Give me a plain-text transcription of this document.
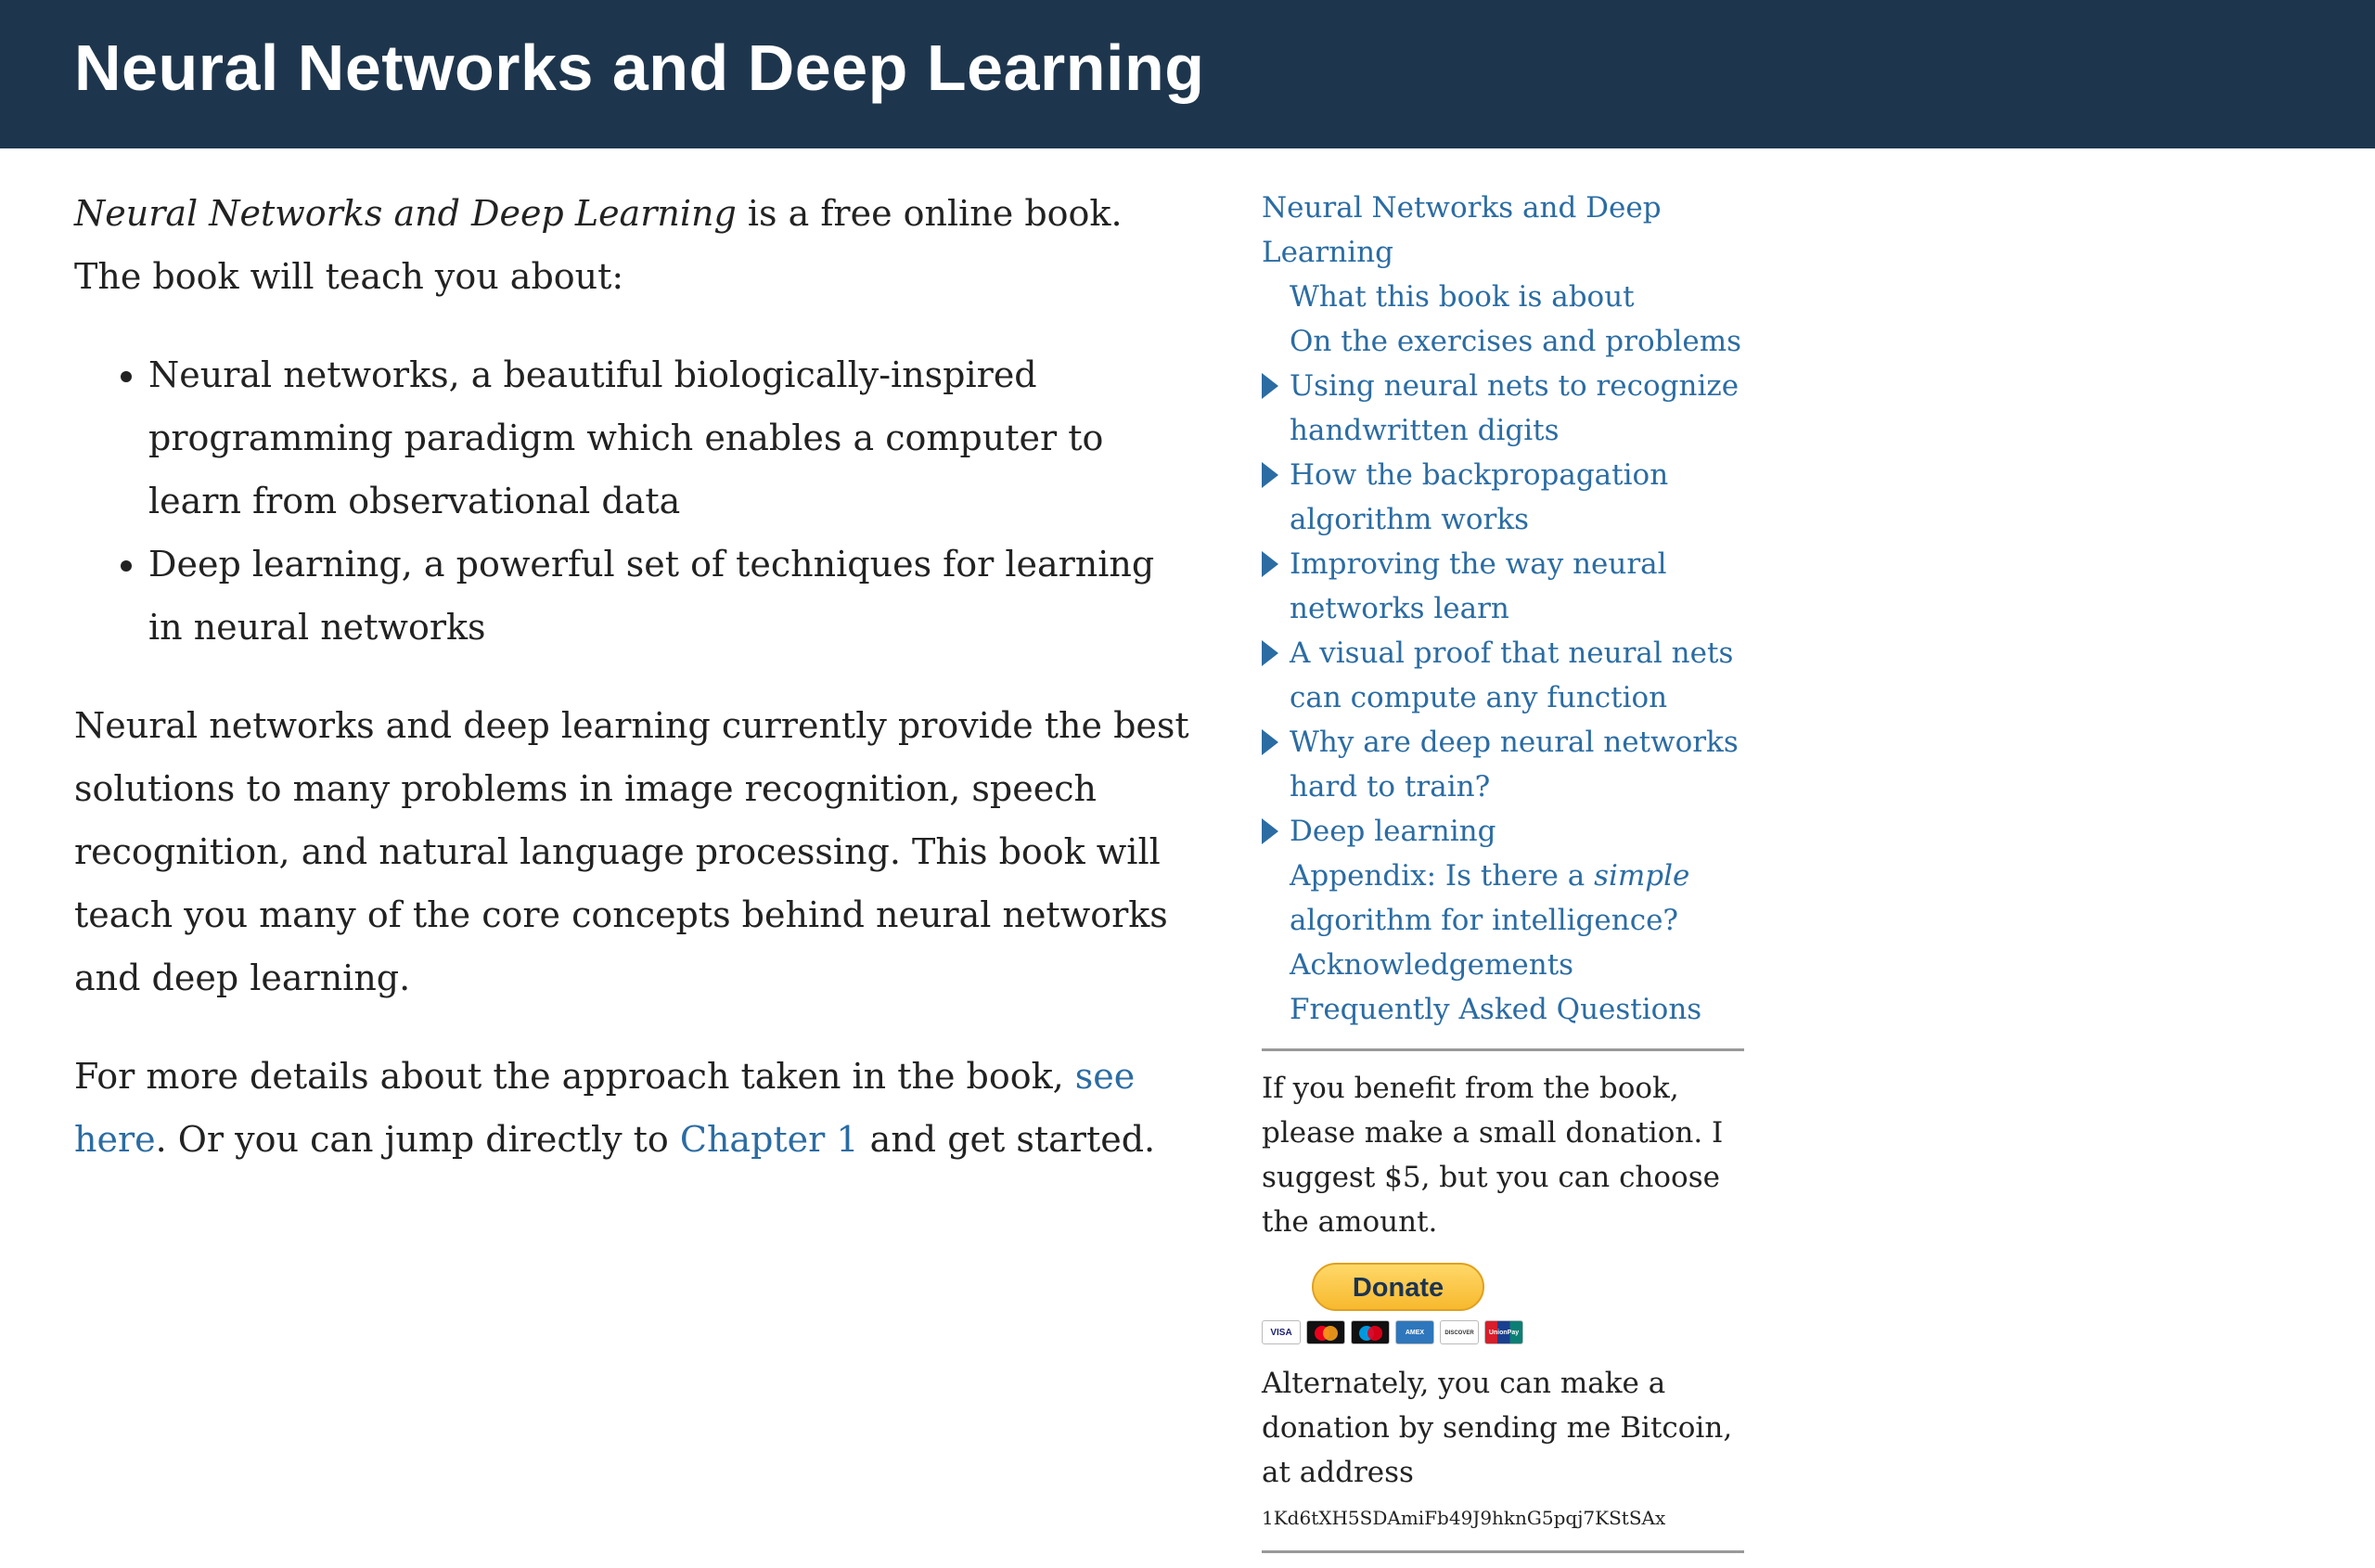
Neural Networks and Deep Learning

Neural Networks and Deep Learning is a free online book. The book will teach you about:

• Neural networks, a beautiful biologically-inspired programming paradigm which enables a computer to learn from observational data
• Deep learning, a powerful set of techniques for learning in neural networks

Neural networks and deep learning currently provide the best solutions to many problems in image recognition, speech recognition, and natural language processing. This book will teach you many of the core concepts behind neural networks and deep learning.

For more details about the approach taken in the book, see here. Or you can jump directly to Chapter 1 and get started.

Neural Networks and Deep Learning
What this book is about
On the exercises and problems
Using neural nets to recognize handwritten digits
How the backpropagation algorithm works
Improving the way neural networks learn
A visual proof that neural nets can compute any function
Why are deep neural networks hard to train?
Deep learning
Appendix: Is there a simple algorithm for intelligence?
Acknowledgements
Frequently Asked Questions

If you benefit from the book, please make a small donation. I suggest $5, but you can choose the amount.

Donate
VISA	AMEX	DISCOVER	UnionPay

Alternately, you can make a donation by sending me Bitcoin, at address

1Kd6tXH5SDAmiFb49J9hknG5pqj7KStSAx
